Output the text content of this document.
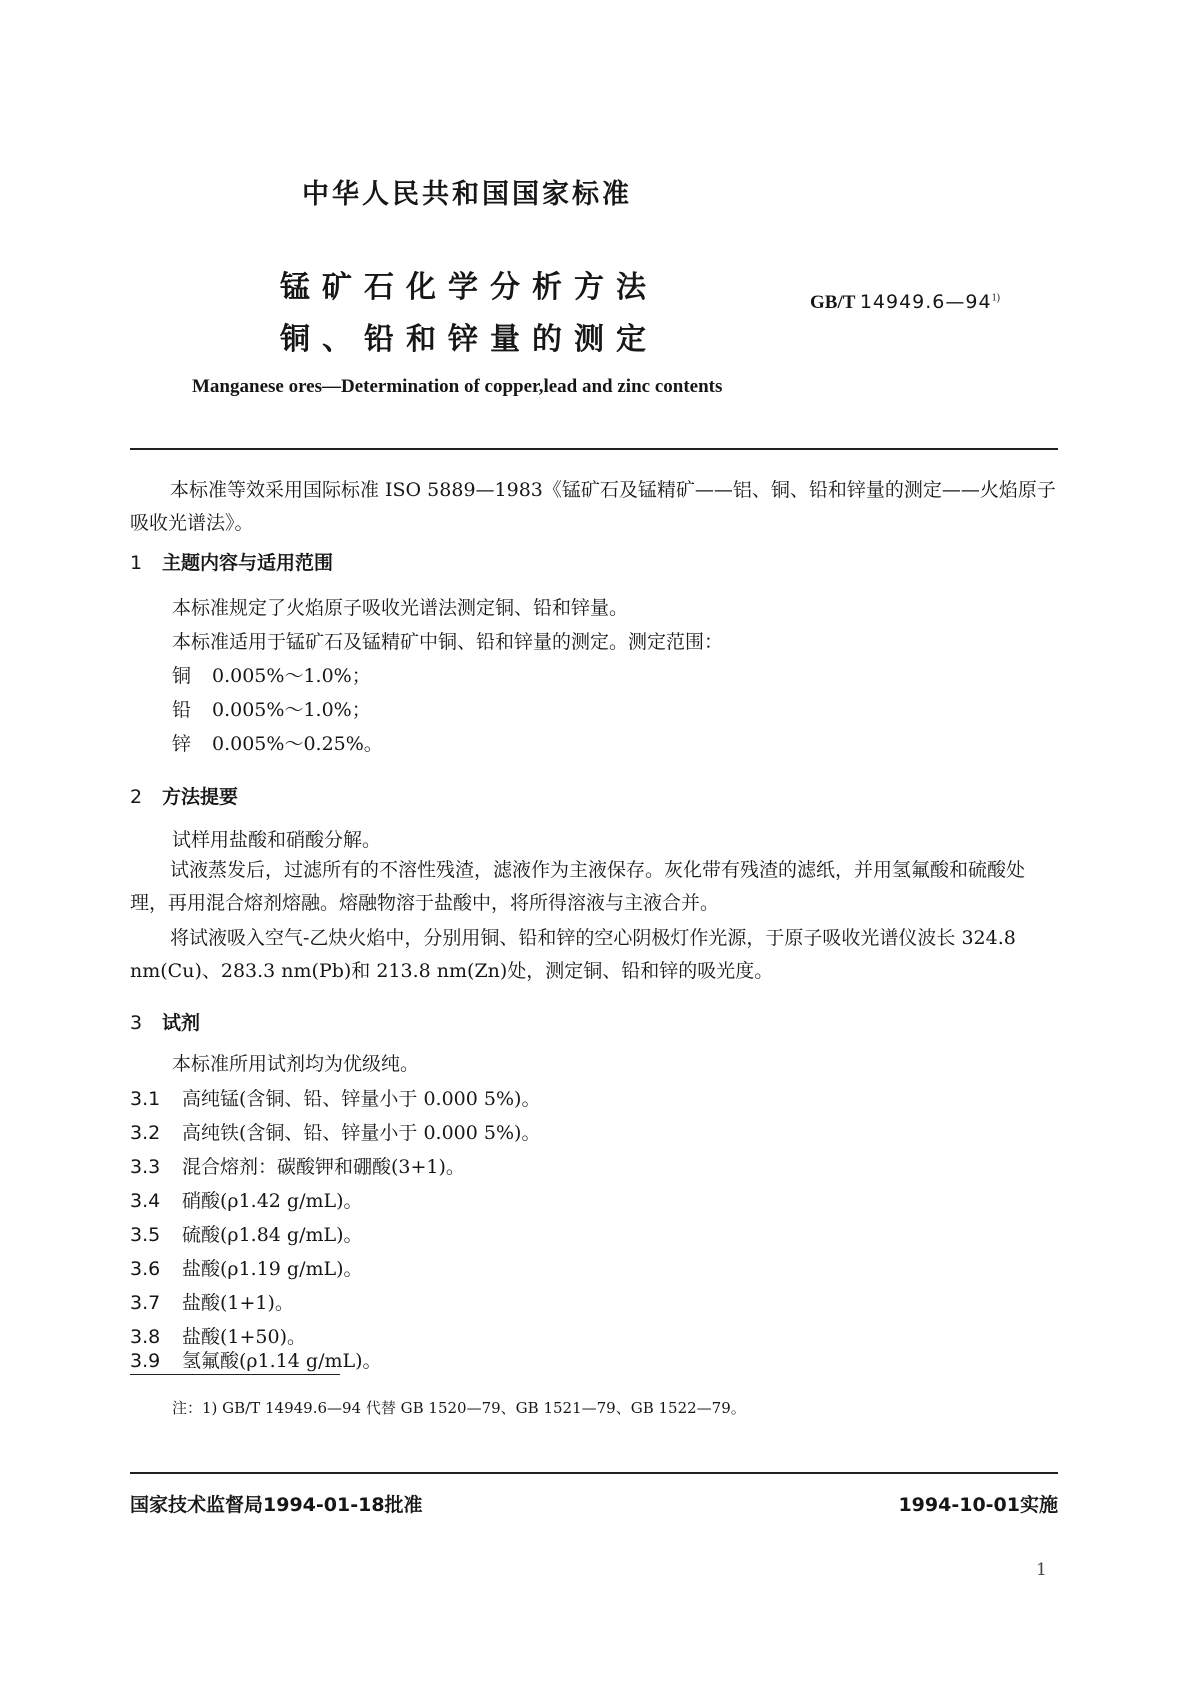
中华人民共和国国家标准
锰矿石化学分析方法
铜、铅和锌量的测定
GB/T 14949.6—94$^{1)}$
Manganese ores—Determination of copper,lead and zinc contents
本标准等效采用国际标准 ISO 5889—1983《锰矿石及锰精矿——铝、铜、铅和锌量的测定——火焰原子吸收光谱法》。
1 主题内容与适用范围
本标准规定了火焰原子吸收光谱法测定铜、铅和锌量。
本标准适用于锰矿石及锰精矿中铜、铅和锌量的测定。测定范围：
铜 0.005%～1.0%；
铅 0.005%～1.0%；
锌 0.005%～0.25%。
2 方法提要
试样用盐酸和硝酸分解。
试液蒸发后，过滤所有的不溶性残渣，滤液作为主液保存。灰化带有残渣的滤纸，并用氢氟酸和硫酸处理，再用混合熔剂熔融。熔融物溶于盐酸中，将所得溶液与主液合并。
将试液吸入空气-乙炔火焰中，分别用铜、铅和锌的空心阴极灯作光源，于原子吸收光谱仪波长 324.8 nm(Cu)、283.3 nm(Pb)和 213.8 nm(Zn)处，测定铜、铅和锌的吸光度。
3 试剂
本标准所用试剂均为优级纯。
3.1 高纯锰(含铜、铅、锌量小于 0.000 5%)。
3.2 高纯铁(含铜、铅、锌量小于 0.000 5%)。
3.3 混合熔剂：碳酸钾和硼酸(3+1)。
3.4 硝酸(ρ1.42 g/mL)。
3.5 硫酸(ρ1.84 g/mL)。
3.6 盐酸(ρ1.19 g/mL)。
3.7 盐酸(1+1)。
3.8 盐酸(1+50)。
3.9 氢氟酸(ρ1.14 g/mL)。
注：1) GB/T 14949.6—94 代替 GB 1520—79、GB 1521—79、GB 1522—79。
国家技术监督局1994-01-18批准	1994-10-01实施
1
